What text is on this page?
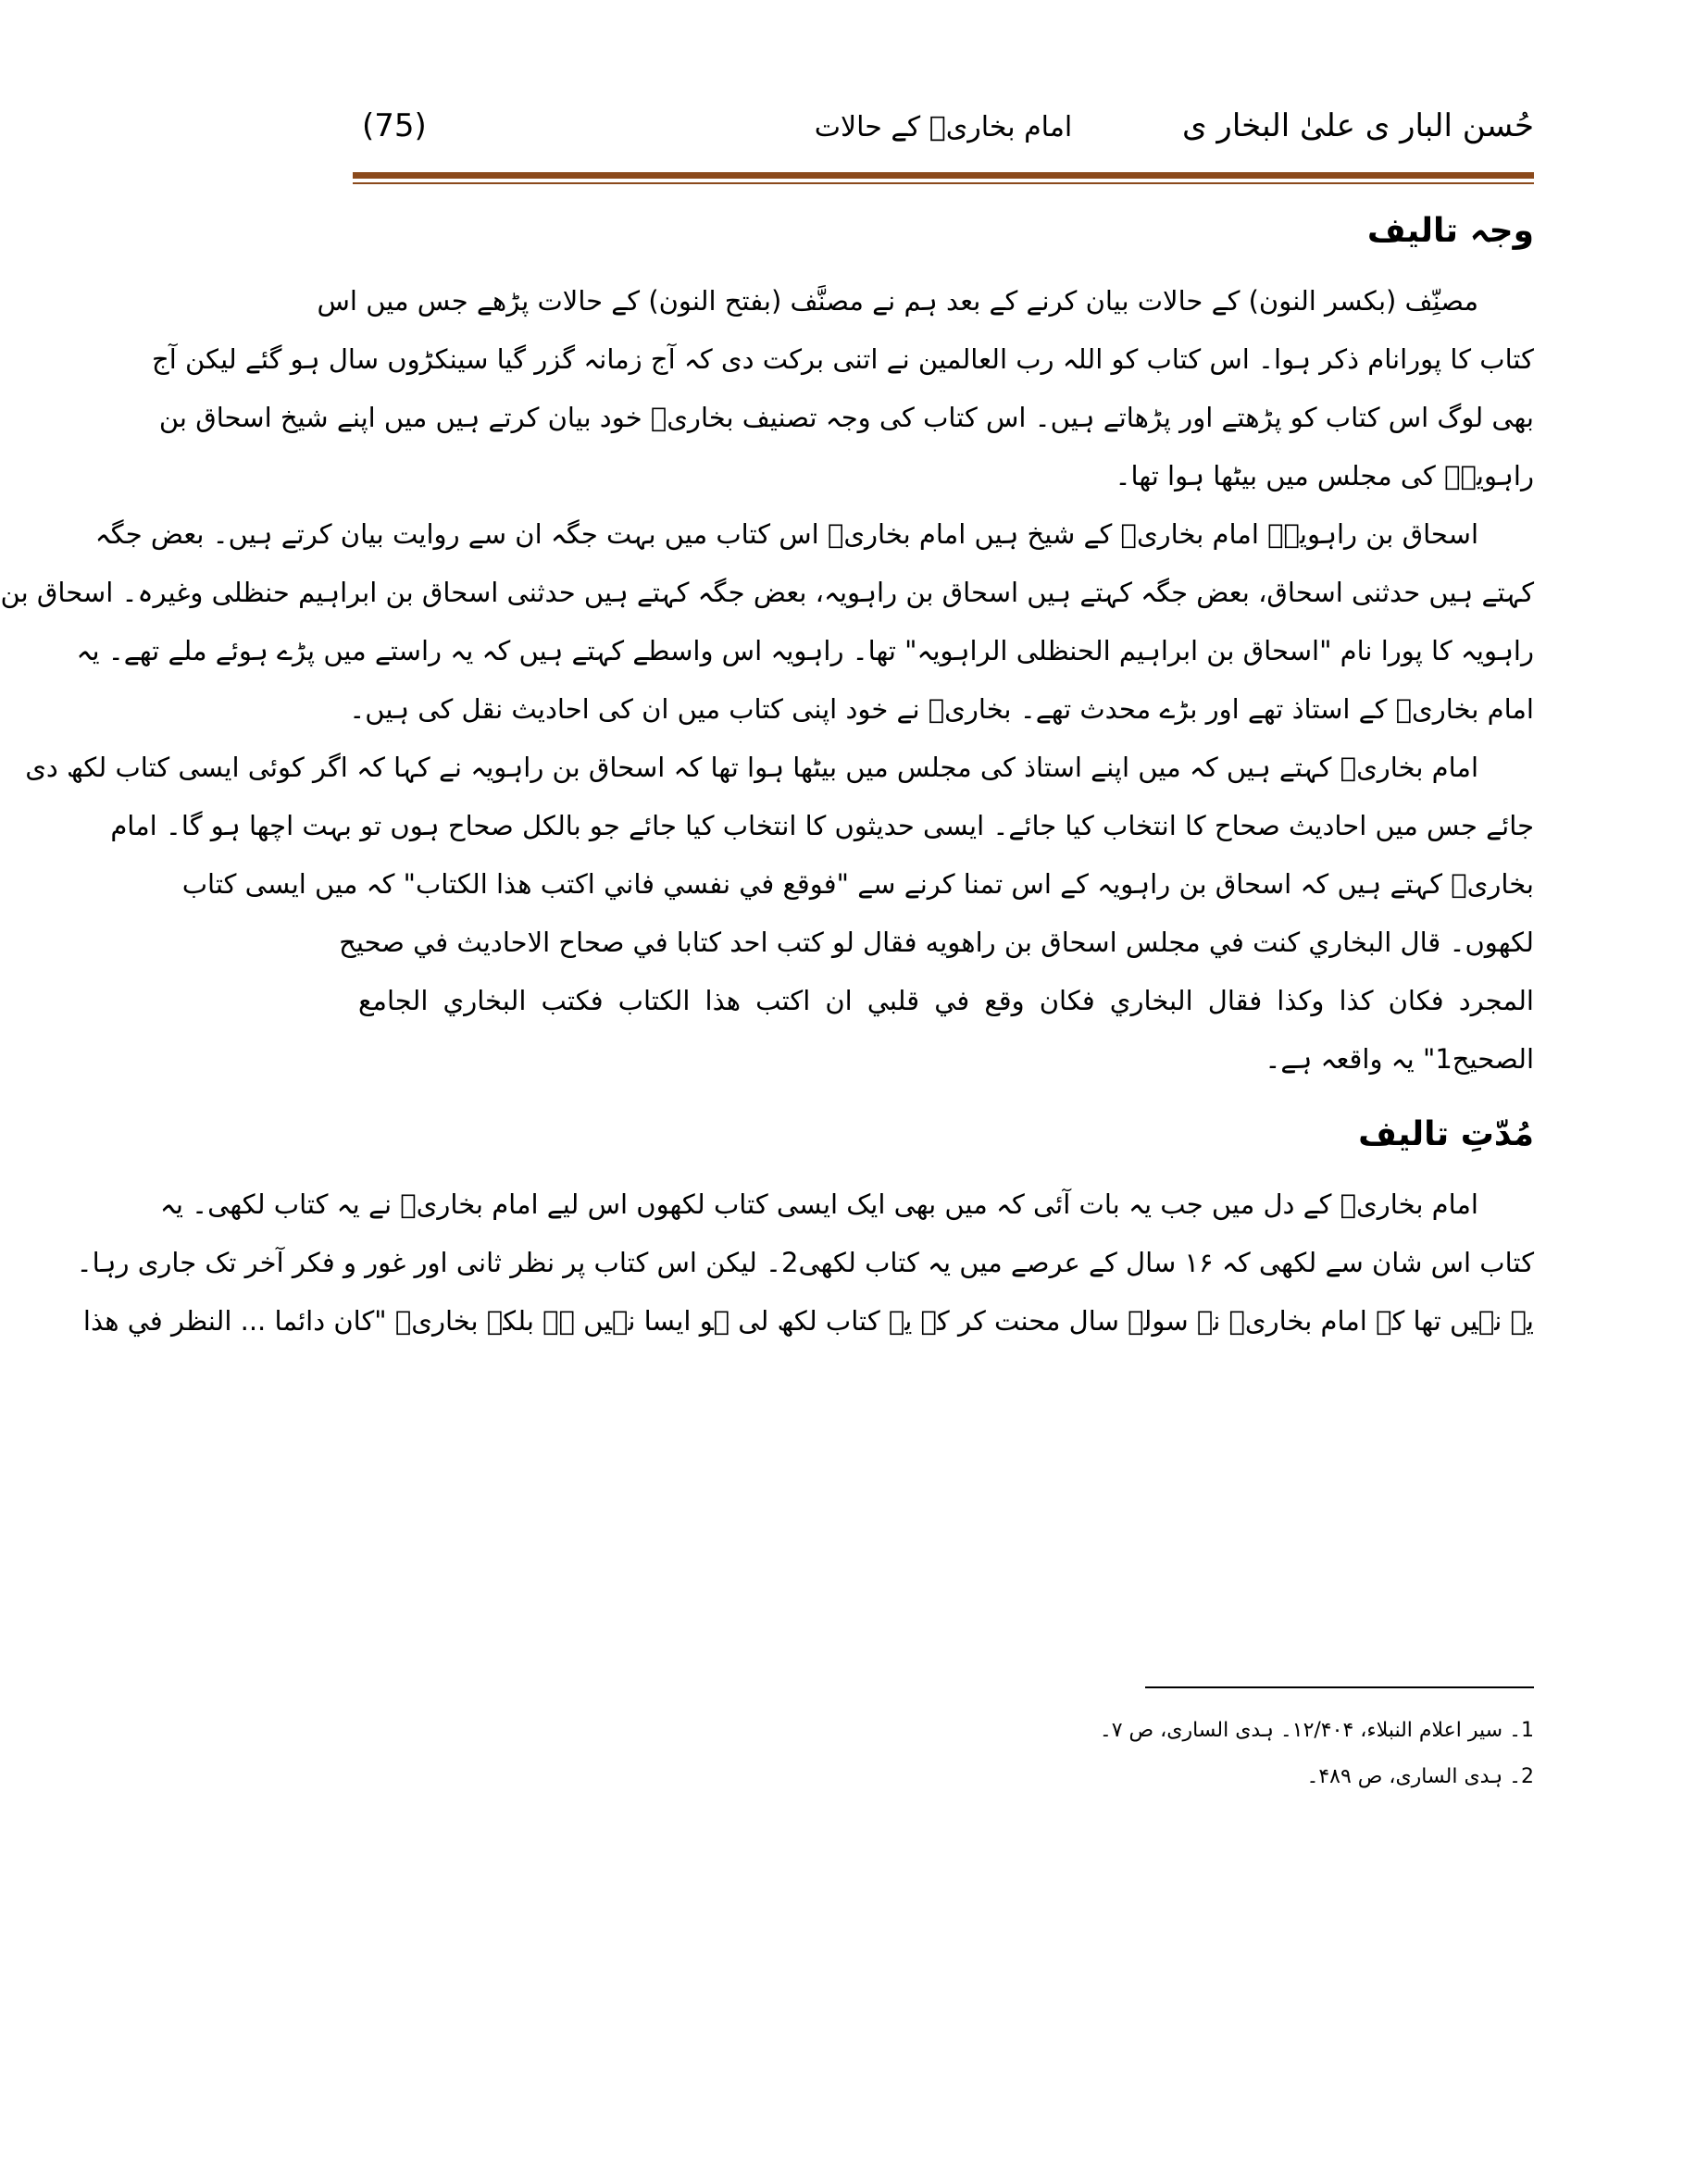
حُسن البار ی علیٰ البخار ی
امام بخاریؒ کے حالات
(75)
وجہ تالیف
مصنِّف (بکسر النون) کے حالات بیان کرنے کے بعد ہم نے مصنَّف (بفتح النون) کے حالات پڑھے جس میں اس
کتاب کا پورانام ذکر ہوا۔ اس کتاب کو اللہ رب العالمین نے اتنی برکت دی کہ آج زمانہ گزر گیا سینکڑوں سال ہو گئے لیکن آج
بھی لوگ اس کتاب کو پڑھتے اور پڑھاتے ہیں۔ اس کتاب کی وجہ تصنیف بخاریؒ خود بیان کرتے ہیں میں اپنے شیخ اسحاق بن
راہویہؒ کی مجلس میں بیٹھا ہوا تھا۔
اسحاق بن راہویہؒ امام بخاریؒ کے شیخ ہیں امام بخاریؒ اس کتاب میں بہت جگہ ان سے روایت بیان کرتے ہیں۔ بعض جگہ
کہتے ہیں حدثنی اسحاق، بعض جگہ کہتے ہیں اسحاق بن راہویہ، بعض جگہ کہتے ہیں حدثنی اسحاق بن ابراہیم حنظلی وغیرہ۔ اسحاق بن
راہویہ کا پورا نام "اسحاق بن ابراہیم الحنظلی الراہویہ" تھا۔ راہویہ اس واسطے کہتے ہیں کہ یہ راستے میں پڑے ہوئے ملے تھے۔ یہ
امام بخاریؒ کے استاذ تھے اور بڑے محدث تھے۔ بخاریؒ نے خود اپنی کتاب میں ان کی احادیث نقل کی ہیں۔
امام بخاریؒ کہتے ہیں کہ میں اپنے استاذ کی مجلس میں بیٹھا ہوا تھا کہ اسحاق بن راہویہ نے کہا کہ اگر کوئی ایسی کتاب لکھ دی
جائے جس میں احادیث صحاح کا انتخاب کیا جائے۔ ایسی حدیثوں کا انتخاب کیا جائے جو بالکل صحاح ہوں تو بہت اچھا ہو گا۔ امام
بخاریؒ کہتے ہیں کہ اسحاق بن راہویہ کے اس تمنا کرنے سے "فوقع في نفسي فاني اكتب هذا الكتاب" کہ میں ایسی کتاب
لکھوں۔ قال البخاري كنت في مجلس اسحاق بن راهويه فقال لو كتب احد كتابا في صحاح الاحاديث في صحيح
المجرد فكان كذا وكذا فقال البخاري فكان وقع في قلبي ان اكتب هذا الكتاب فكتب البخاري الجامع
الصحيح1" یہ واقعہ ہے۔
مُدّتِ تالیف
امام بخاریؒ کے دل میں جب یہ بات آئی کہ میں بھی ایک ایسی کتاب لکھوں اس لیے امام بخاریؒ نے یہ کتاب لکھی۔ یہ
کتاب اس شان سے لکھی کہ ۱۶ سال کے عرصے میں یہ کتاب لکھی2۔ لیکن اس کتاب پر نظر ثانی اور غور و فکر آخر تک جاری رہا۔
یہ نہیں تھا کہ امام بخاریؒ نے سولہ سال محنت کر کے یہ کتاب لکھ لی ہو ایسا نہیں ہے بلکہ بخاریؒ "كان دائما ... النظر في هذا
1۔ سیر اعلام النبلاء، ۱۲/۴۰۴۔ ہدی الساری، ص ۷۔
2۔ ہدی الساری، ص ۴۸۹۔
